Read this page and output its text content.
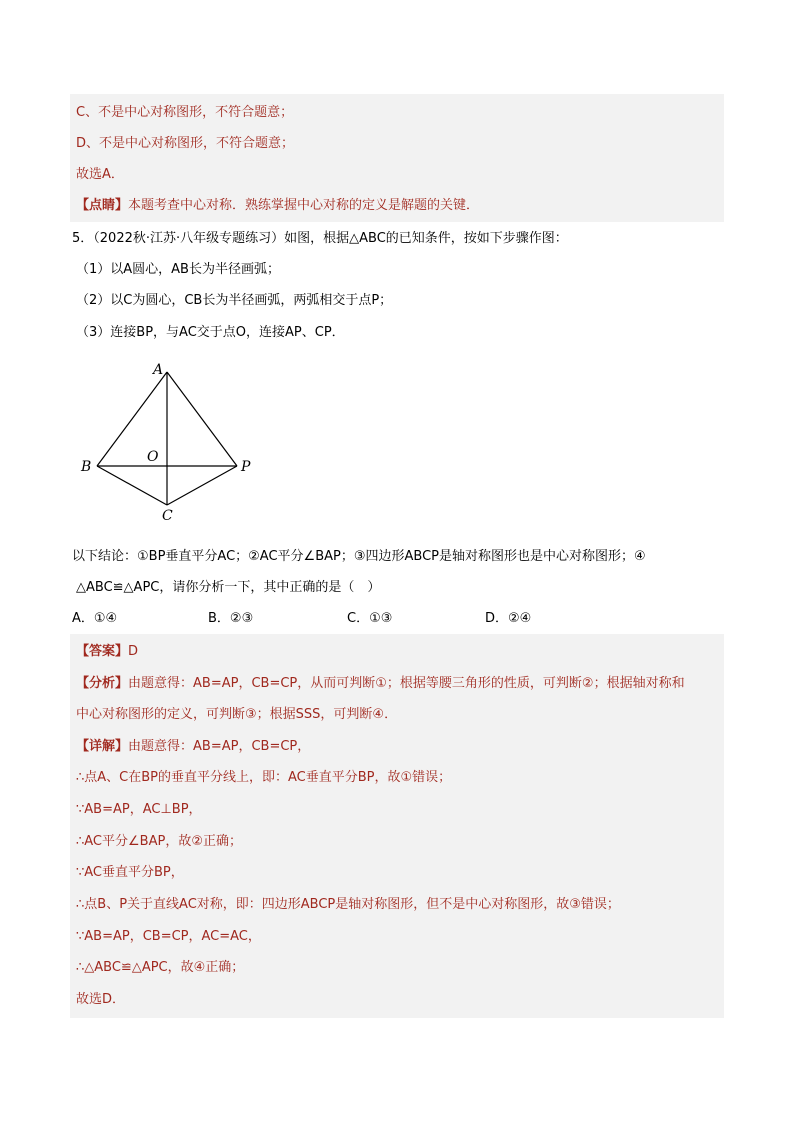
C、不是中心对称图形，不符合题意；
D、不是中心对称图形，不符合题意；
故选A．
【点睛】本题考查中心对称．熟练掌握中心对称的定义是解题的关键．
5．（2022秋·江苏·八年级专题练习）如图，根据△ABC的已知条件，按如下步骤作图：
（1）以A圆心，AB长为半径画弧；
（2）以C为圆心，CB长为半径画弧，两弧相交于点P；
（3）连接BP，与AC交于点O，连接AP、CP．
A
B
C
P
O
以下结论：①BP垂直平分AC；②AC平分∠BAP；③四边形ABCP是轴对称图形也是中心对称图形；④
△ABC≌△APC，请你分析一下，其中正确的是（　）
A．①④	B．②③	C．①③	D．②④
【答案】D
【分析】由题意得：AB=AP，CB=CP，从而可判断①；根据等腰三角形的性质，可判断②；根据轴对称和
中心对称图形的定义，可判断③；根据SSS，可判断④．
【详解】由题意得：AB=AP，CB=CP，
∴点A、C在BP的垂直平分线上，即：AC垂直平分BP，故①错误；
∵AB=AP，AC⊥BP，
∴AC平分∠BAP，故②正确；
∵AC垂直平分BP，
∴点B、P关于直线AC对称，即：四边形ABCP是轴对称图形，但不是中心对称图形，故③错误；
∵AB=AP，CB=CP，AC=AC，
∴△ABC≌△APC，故④正确；
故选D．
